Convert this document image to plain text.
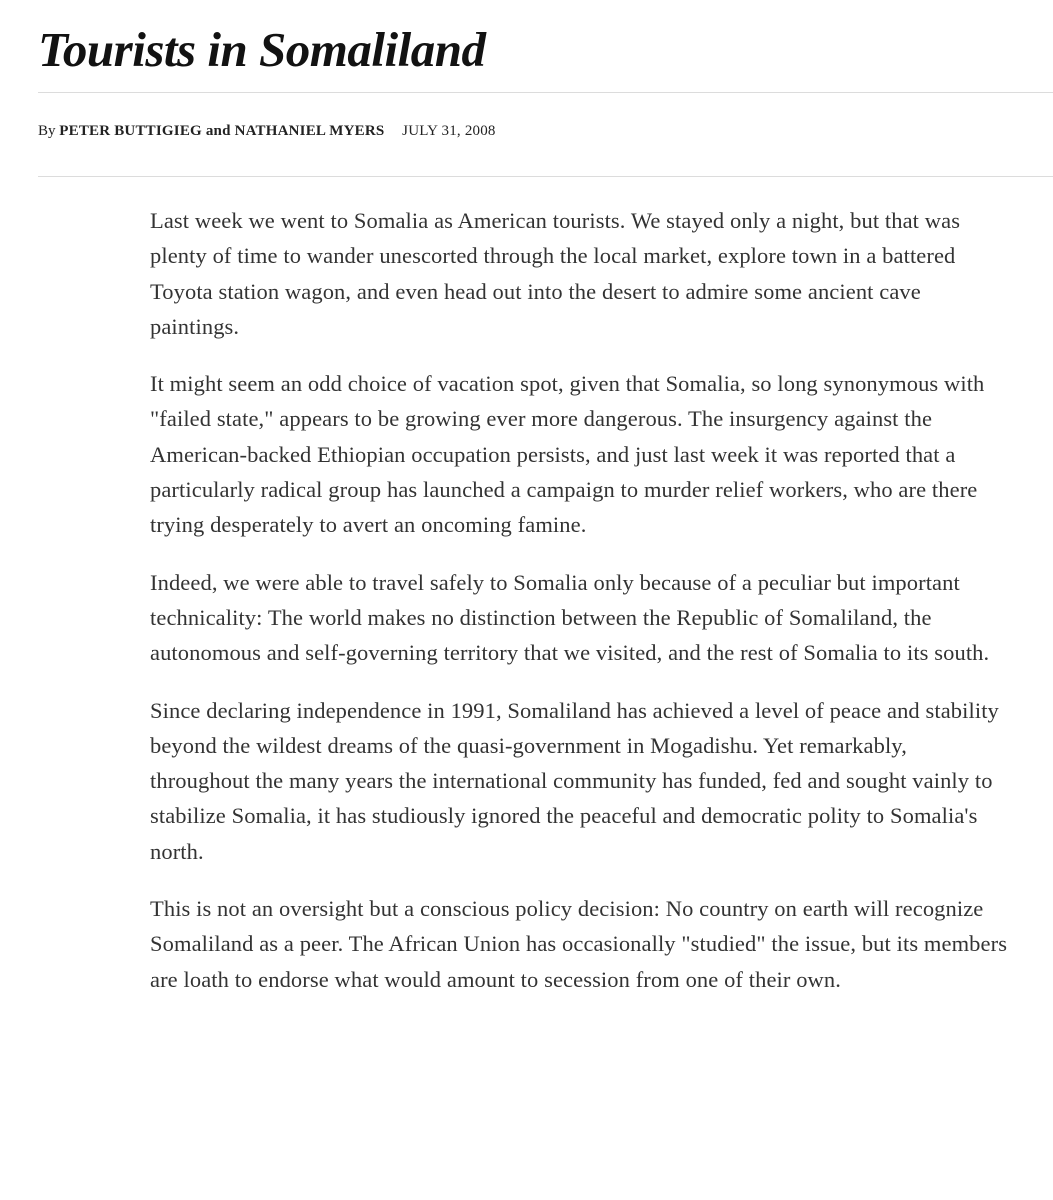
Tourists in Somaliland
By PETER BUTTIGIEG and NATHANIEL MYERS JULY 31, 2008

Last week we went to Somalia as American tourists. We stayed only a night, but that was plenty of time to wander unescorted through the local market, explore town in a battered Toyota station wagon, and even head out into the desert to admire some ancient cave paintings.

It might seem an odd choice of vacation spot, given that Somalia, so long synonymous with "failed state," appears to be growing ever more dangerous. The insurgency against the American-backed Ethiopian occupation persists, and just last week it was reported that a particularly radical group has launched a campaign to murder relief workers, who are there trying desperately to avert an oncoming famine.

Indeed, we were able to travel safely to Somalia only because of a peculiar but important technicality: The world makes no distinction between the Republic of Somaliland, the autonomous and self-governing territory that we visited, and the rest of Somalia to its south.

Since declaring independence in 1991, Somaliland has achieved a level of peace and stability beyond the wildest dreams of the quasi-government in Mogadishu. Yet remarkably, throughout the many years the international community has funded, fed and sought vainly to stabilize Somalia, it has studiously ignored the peaceful and democratic polity to Somalia's north.

This is not an oversight but a conscious policy decision: No country on earth will recognize Somaliland as a peer. The African Union has occasionally "studied" the issue, but its members are loath to endorse what would amount to secession from one of their own.
